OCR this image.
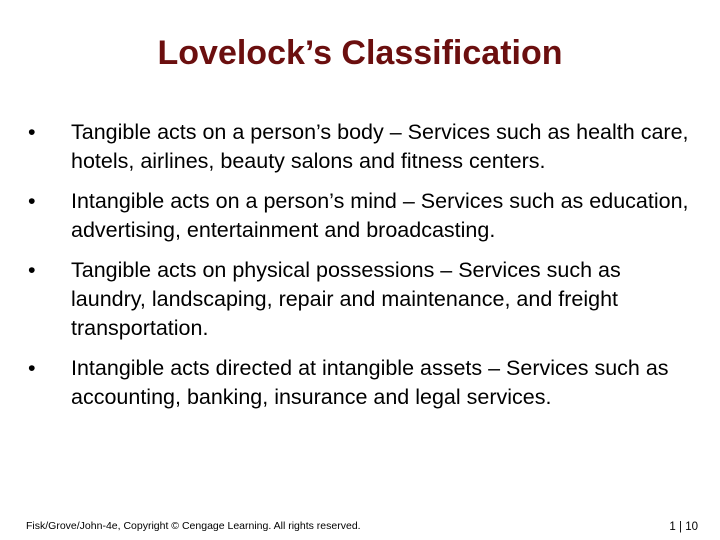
Lovelock’s Classification
•	Tangible acts on a person’s body – Services such as health care, hotels, airlines, beauty salons and fitness centers.
•	Intangible acts on a person’s mind – Services such as education, advertising, entertainment and broadcasting.
•	Tangible acts on physical possessions – Services such as laundry, landscaping, repair and maintenance, and freight transportation.
•	Intangible acts directed at intangible assets – Services such as accounting, banking, insurance and legal services.
Fisk/Grove/John-4e, Copyright © Cengage Learning. All rights reserved.	1 | 10
